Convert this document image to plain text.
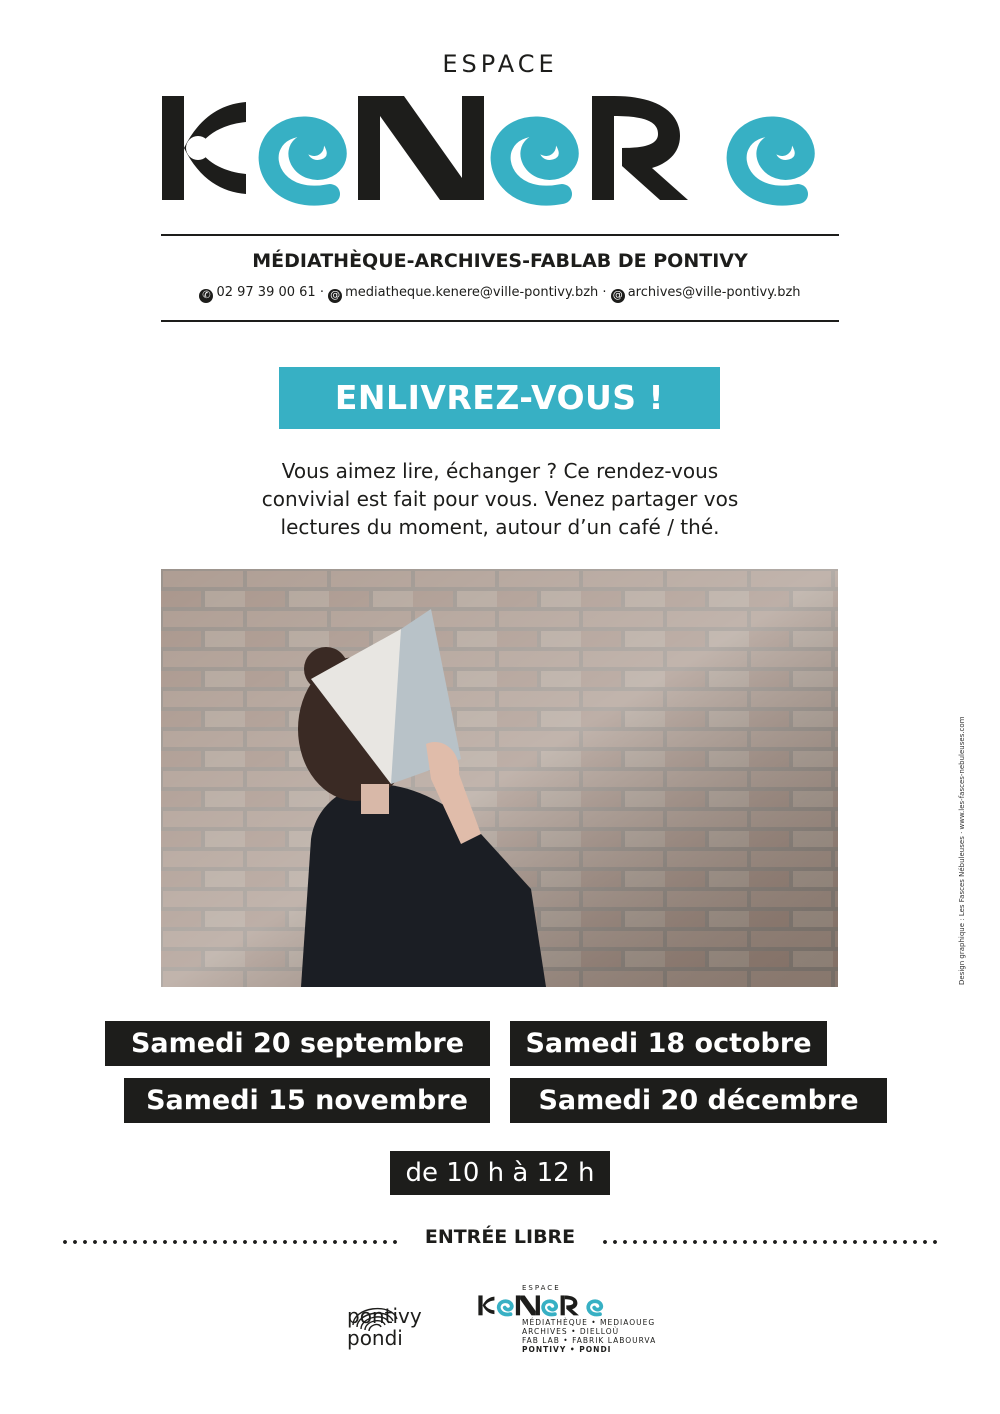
ESPACE
MÉDIATHÈQUE-ARCHIVES-FABLAB DE PONTIVY
✆ 02 97 39 00 61 · @ mediatheque.kenere@ville-pontivy.bzh · @ archives@ville-pontivy.bzh
ENLIVREZ-VOUS !
Vous aimez lire, échanger ? Ce rendez-vous
convivial est fait pour vous. Venez partager vos
lectures du moment, autour d’un café / thé.
Samedi 20 septembre	Samedi 18 octobre
Samedi 15 novembre	Samedi 20 décembre
de 10 h à 12 h
ENTRÉE LIBRE
Design graphique : Les Fasces Nébuleuses · www.les-fasces-nebuleuses.com
pontivy
pondi
ESPACE
MÉDIATHÈQUE • MEDIAOUEG
ARCHIVES • DIELLOÙ
FAB LAB • FABRIK LABOURVA
PONTIVY • PONDI
